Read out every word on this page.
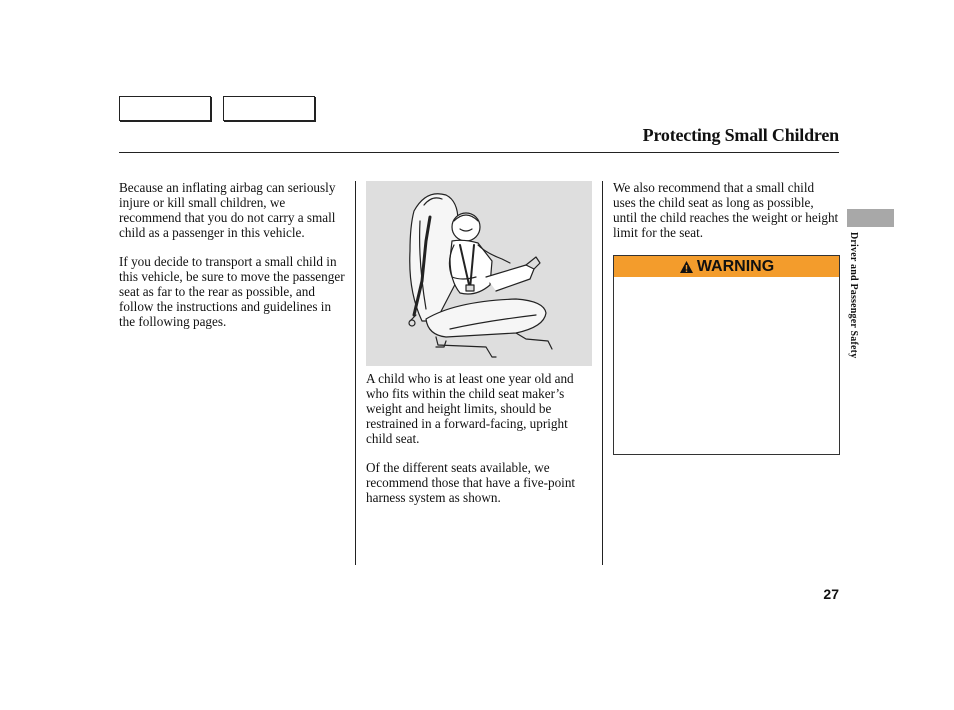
Protecting Small Children

Because an inflating airbag can seriously injure or kill small children, we recommend that you do not carry a small child as a passenger in this vehicle.

If you decide to transport a small child in this vehicle, be sure to move the passenger seat as far to the rear as possible, and follow the instructions and guidelines in the following pages.

A child who is at least one year old and who fits within the child seat maker’s weight and height limits, should be restrained in a forward-facing, upright child seat.

Of the different seats available, we recommend those that have a five-point harness system as shown.

We also recommend that a small child uses the child seat as long as possible, until the child reaches the weight or height limit for the seat.

WARNING	Driver and Passenger Safety
27
